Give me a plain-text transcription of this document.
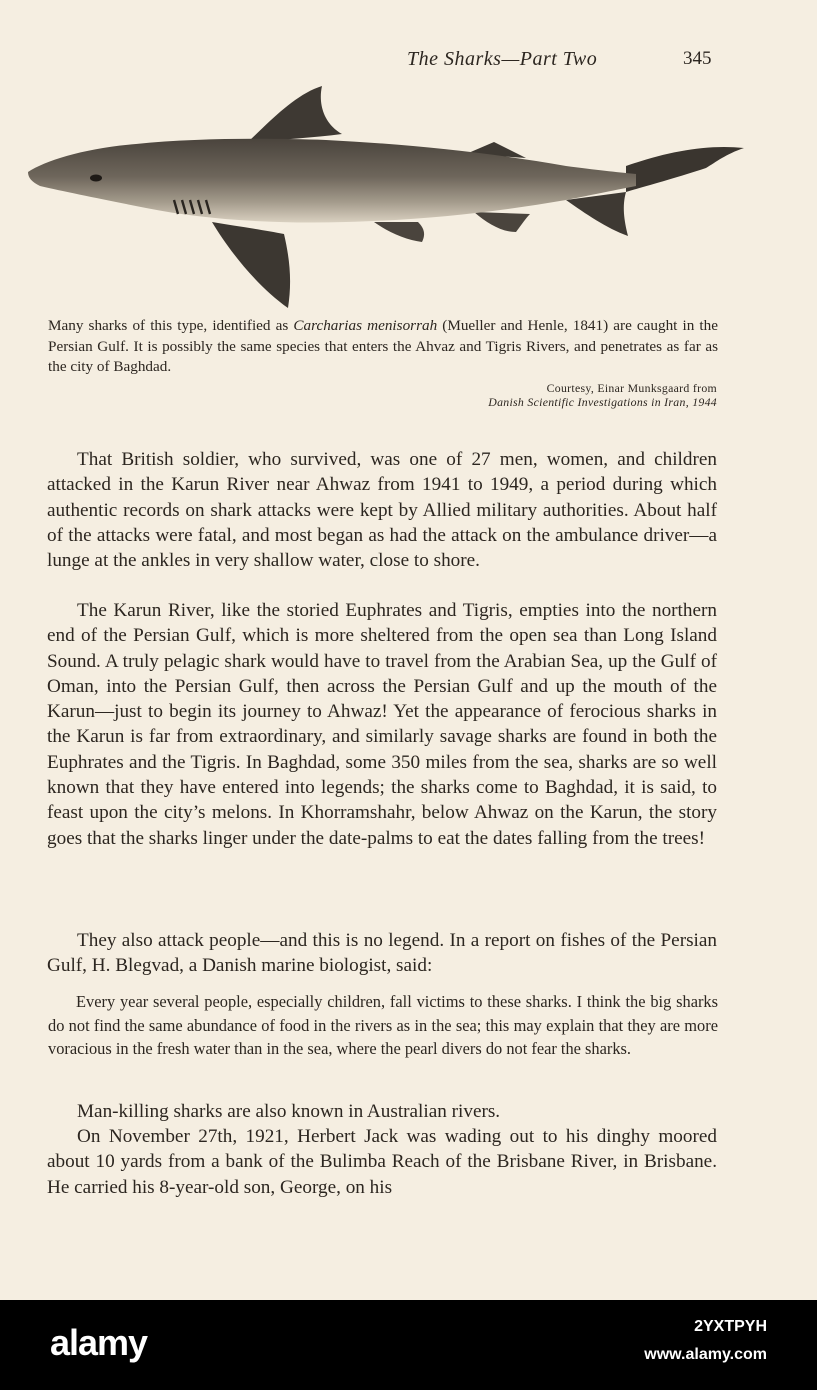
The Sharks—Part Two	345
Many sharks of this type, identified as Carcharias menisorrah (Mueller and Henle, 1841) are caught in the Persian Gulf. It is possibly the same species that enters the Ahvaz and Tigris Rivers, and penetrates as far as the city of Baghdad.
Courtesy, Einar Munksgaard from
Danish Scientific Investigations in Iran, 1944

That British soldier, who survived, was one of 27 men, women, and children attacked in the Karun River near Ahwaz from 1941 to 1949, a period during which authentic records on shark attacks were kept by Allied military authorities. About half of the attacks were fatal, and most began as had the attack on the ambulance driver—a lunge at the ankles in very shallow water, close to shore.

The Karun River, like the storied Euphrates and Tigris, empties into the northern end of the Persian Gulf, which is more sheltered from the open sea than Long Island Sound. A truly pelagic shark would have to travel from the Arabian Sea, up the Gulf of Oman, into the Persian Gulf, then across the Persian Gulf and up the mouth of the Karun—just to begin its journey to Ahwaz! Yet the appearance of ferocious sharks in the Karun is far from extraordinary, and similarly savage sharks are found in both the Euphrates and the Tigris. In Baghdad, some 350 miles from the sea, sharks are so well known that they have entered into legends; the sharks come to Baghdad, it is said, to feast upon the city’s melons. In Khorramshahr, below Ahwaz on the Karun, the story goes that the sharks linger under the date-palms to eat the dates falling from the trees!

They also attack people—and this is no legend. In a report on fishes of the Persian Gulf, H. Blegvad, a Danish marine biologist, said:

Every year several people, especially children, fall victims to these sharks. I think the big sharks do not find the same abundance of food in the rivers as in the sea; this may explain that they are more voracious in the fresh water than in the sea, where the pearl divers do not fear the sharks.

Man-killing sharks are also known in Australian rivers.

On November 27th, 1921, Herbert Jack was wading out to his dinghy moored about 10 yards from a bank of the Bulimba Reach of the Brisbane River, in Brisbane. He carried his 8-year-old son, George, on his

alamy	2YXTPYH
www.alamy.com
